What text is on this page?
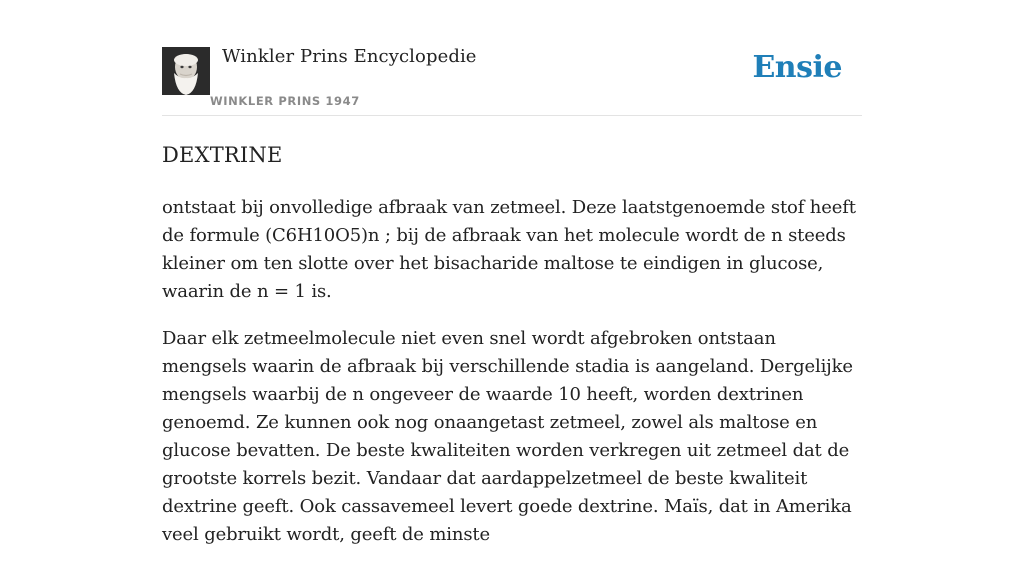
Winkler Prins Encyclopedie
WINKLER PRINS 1947
Ensie
DEXTRINE

ontstaat bij onvolledige afbraak van zetmeel. Deze laatstgenoemde stof heeft de formule (C6H10O5)n ; bij de afbraak van het molecule wordt de n steeds kleiner om ten slotte over het bisacharide maltose te eindigen in glucose, waarin de n = 1 is.

Daar elk zetmeelmolecule niet even snel wordt afgebroken ontstaan mengsels waarin de afbraak bij verschillende stadia is aangeland. Dergelijke mengsels waarbij de n ongeveer de waarde 10 heeft, worden dextrinen genoemd. Ze kunnen ook nog onaangetast zetmeel, zowel als maltose en glucose bevatten. De beste kwaliteiten worden verkregen uit zetmeel dat de grootste korrels bezit. Vandaar dat aardappelzetmeel de beste kwaliteit dextrine geeft. Ook cassavemeel levert goede dextrine. Maïs, dat in Amerika veel gebruikt wordt, geeft de minste
